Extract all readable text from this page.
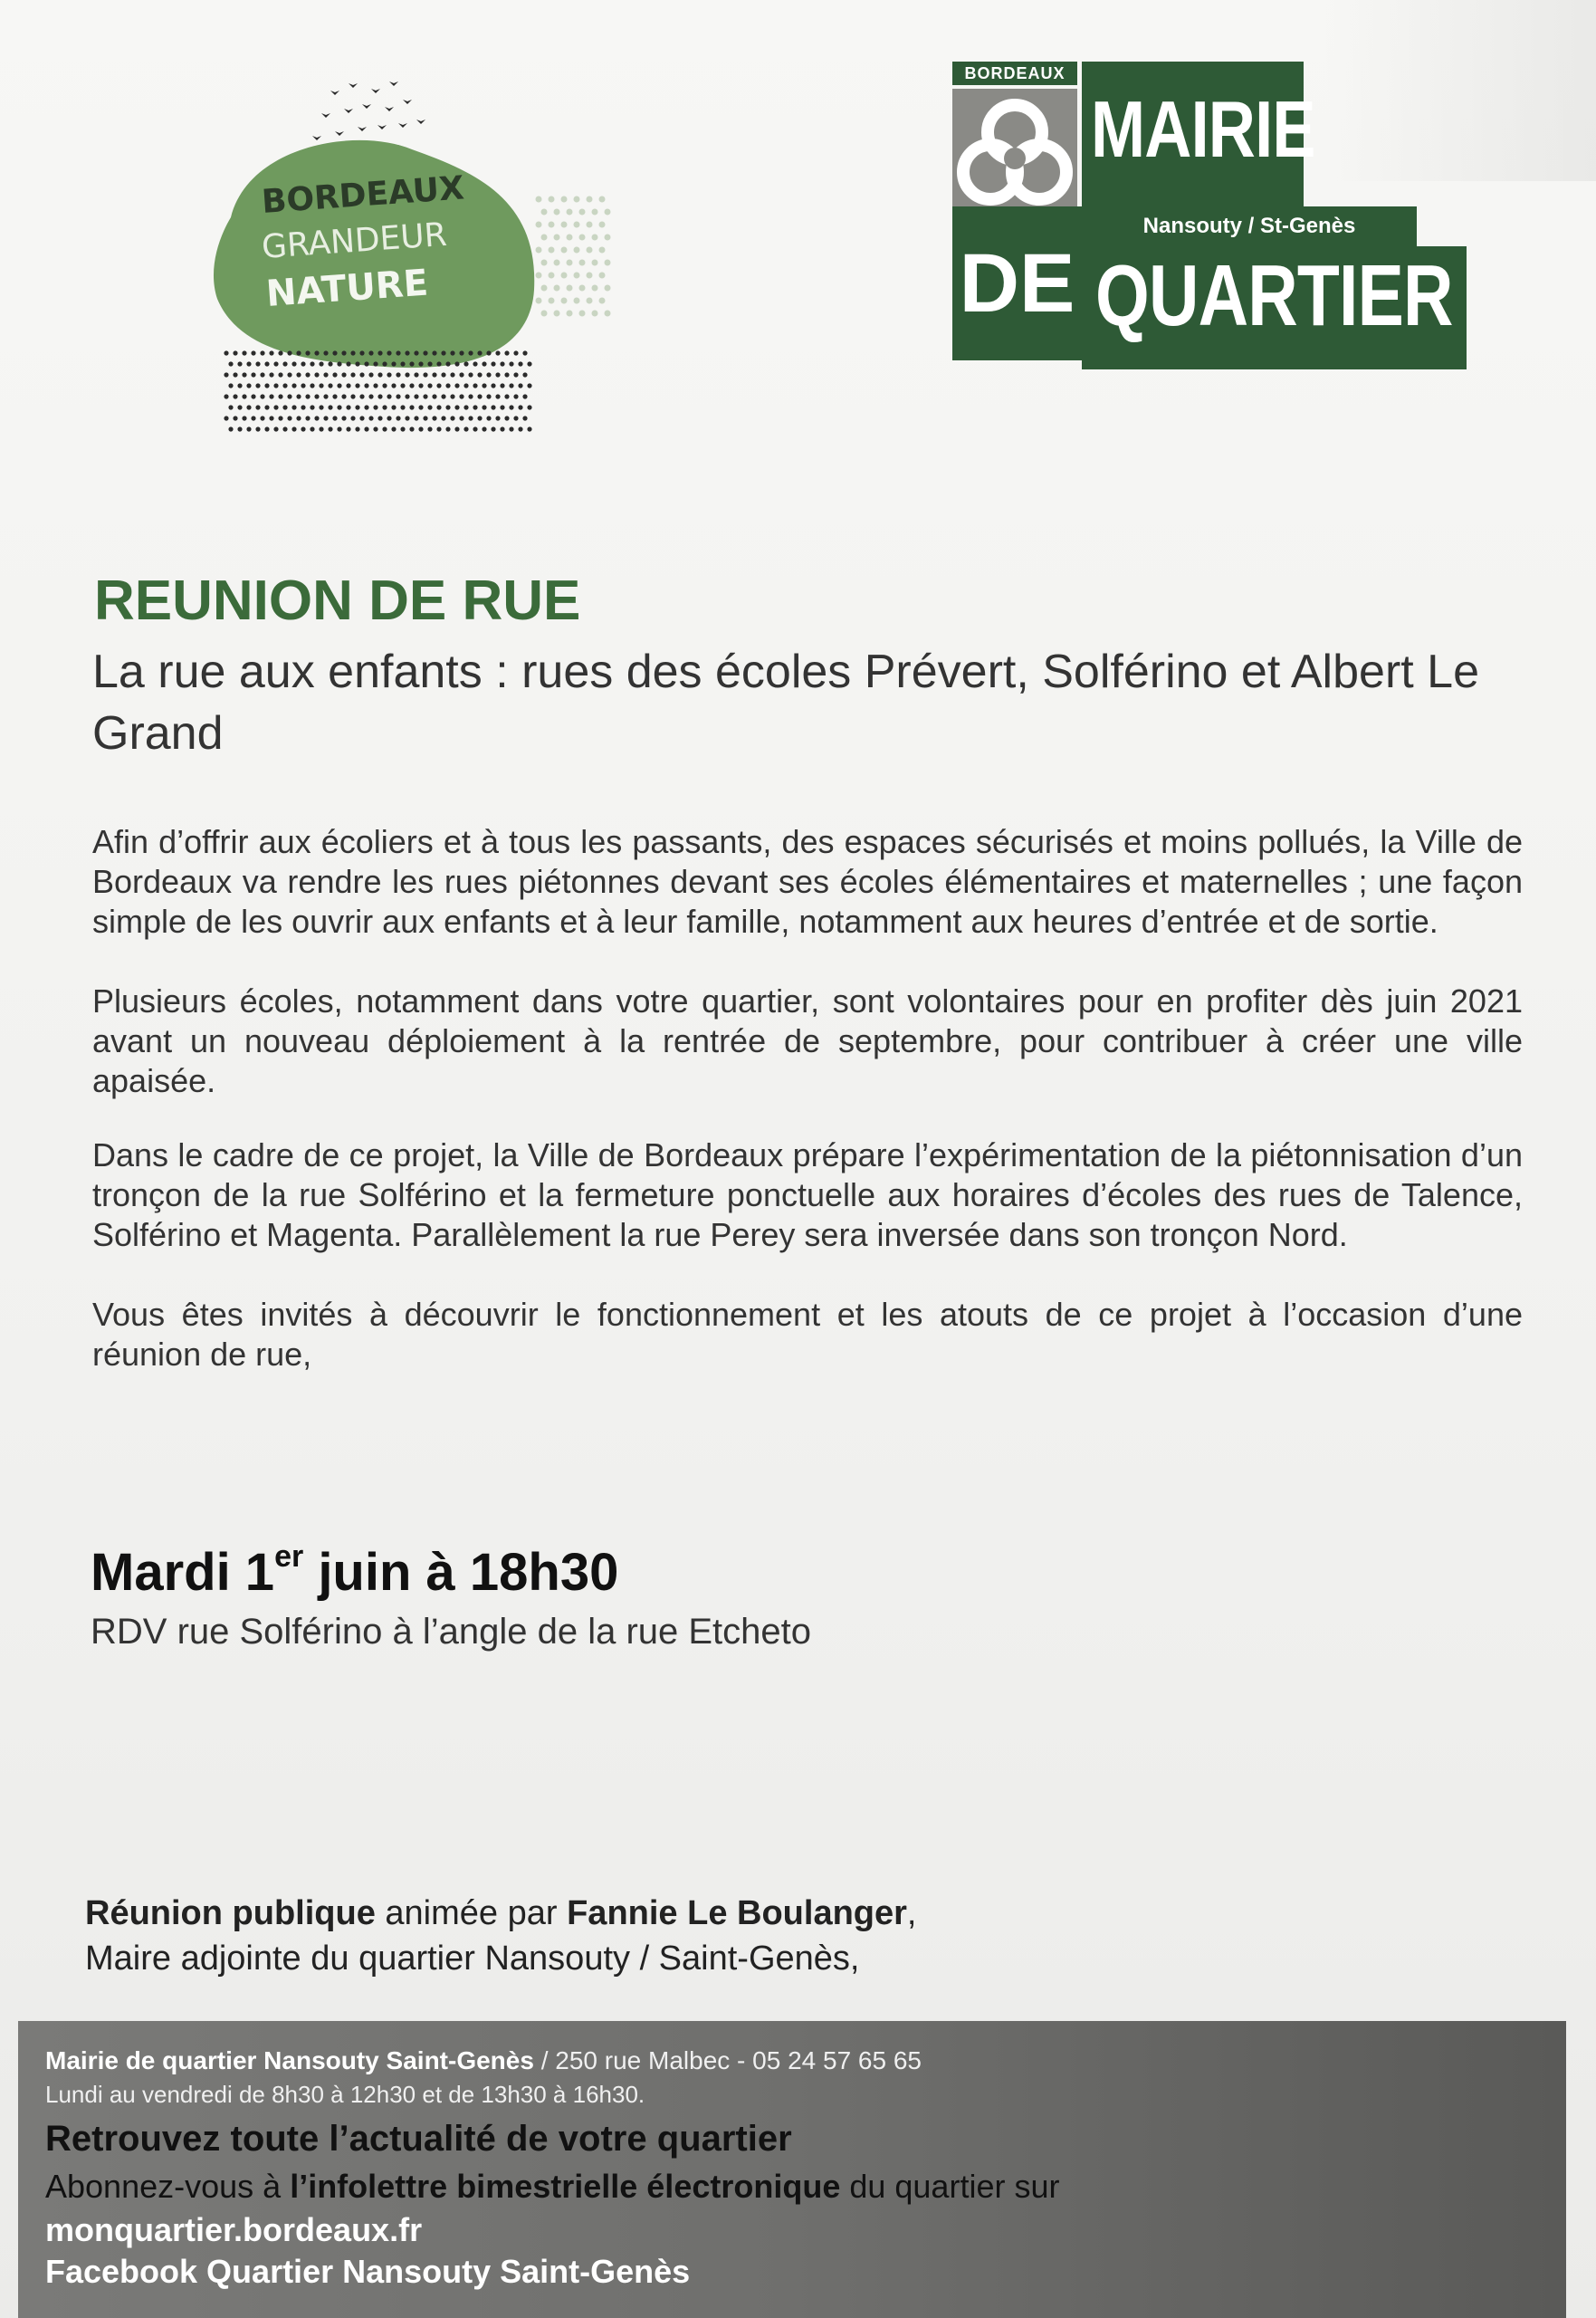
BORDEAUX
GRANDEUR
NATURE
BORDEAUX
Nansouty / St-Genès
DE
MAIRIE
QUARTIER
REUNION DE RUE
La rue aux enfants : rues des écoles Prévert, Solférino et Albert Le Grand

Afin d’offrir aux écoliers et à tous les passants, des espaces sécurisés et moins pollués, la Ville de Bordeaux va rendre les rues piétonnes devant ses écoles élémentaires et maternelles ; une façon simple de les ouvrir aux enfants et à leur famille, notamment aux heures d’entrée et de sortie.

Plusieurs écoles, notamment dans votre quartier, sont volontaires pour en profiter dès juin 2021 avant un nouveau déploiement à la rentrée de septembre, pour contribuer à créer une ville apaisée.

Dans le cadre de ce projet, la Ville de Bordeaux prépare l’expérimentation de la piétonnisation d’un tronçon de la rue Solférino et la fermeture ponctuelle aux horaires d’écoles des rues de Talence, Solférino et Magenta. Parallèlement la rue Perey sera inversée dans son tronçon Nord.

Vous êtes invités à découvrir le fonctionnement et les atouts de ce projet à l’occasion d’une réunion de rue,

Mardi 1er juin à 18h30
RDV rue Solférino à l’angle de la rue Etcheto
Réunion publique animée par Fannie Le Boulanger,
Maire adjointe du quartier Nansouty / Saint-Genès,
Mairie de quartier Nansouty Saint-Genès / 250 rue Malbec - 05 24 57 65 65
Lundi au vendredi de 8h30 à 12h30 et de 13h30 à 16h30.
Retrouvez toute l’actualité de votre quartier
Abonnez-vous à l’infolettre bimestrielle électronique du quartier sur
monquartier.bordeaux.fr
Facebook Quartier Nansouty Saint-Genès
